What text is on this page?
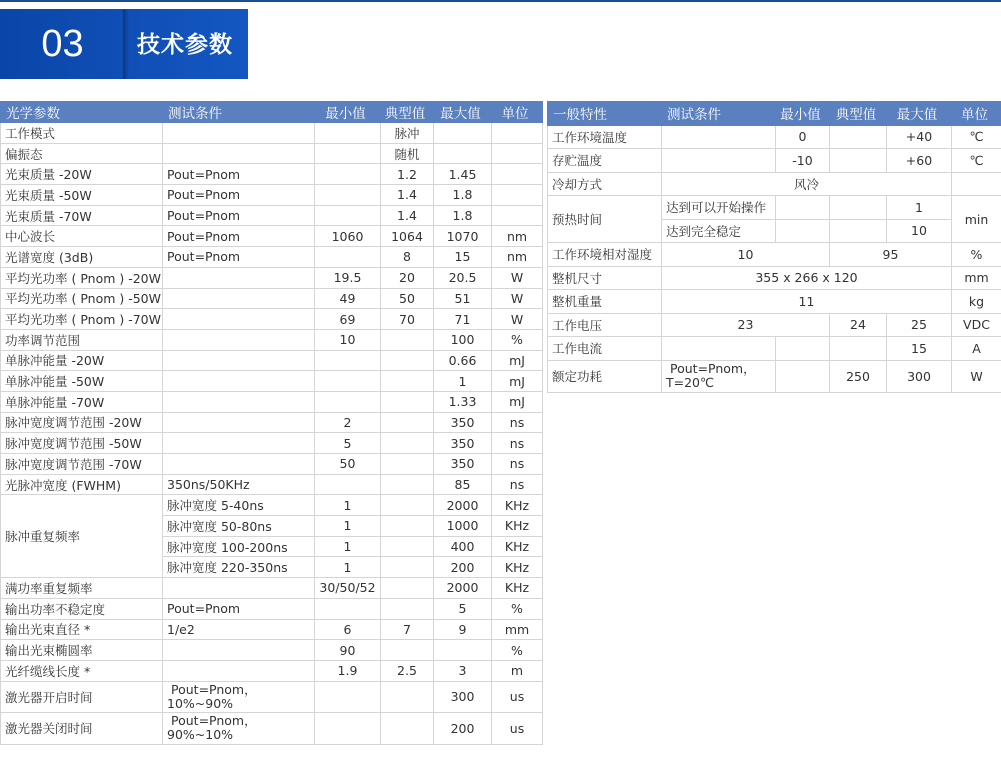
03	技术参数
光学参数	测试条件	最小值	典型值	最大值	单位
工作模式			脉冲		
偏振态			随机		
光束质量 -20W	Pout=Pnom		1.2	1.45	
光束质量 -50W	Pout=Pnom		1.4	1.8	
光束质量 -70W	Pout=Pnom		1.4	1.8	
中心波长	Pout=Pnom	1060	1064	1070	nm
光谱宽度 (3dB)	Pout=Pnom		8	15	nm
平均光功率 ( Pnom ) -20W		19.5	20	20.5	W
平均光功率 ( Pnom ) -50W		49	50	51	W
平均光功率 ( Pnom ) -70W		69	70	71	W
功率调节范围		10		100	%
单脉冲能量 -20W				0.66	mJ
单脉冲能量 -50W				1	mJ
单脉冲能量 -70W				1.33	mJ
脉冲宽度调节范围 -20W		2		350	ns
脉冲宽度调节范围 -50W		5		350	ns
脉冲宽度调节范围 -70W		50		350	ns
光脉冲宽度 (FWHM)	350ns/50KHz			85	ns
脉冲重复频率	脉冲宽度 5-40ns	1		2000	KHz
	脉冲宽度 50-80ns	1		1000	KHz
	脉冲宽度 100-200ns	1		400	KHz
	脉冲宽度 220-350ns	1		200	KHz
满功率重复频率		30/50/52		2000	KHz
输出功率不稳定度	Pout=Pnom			5	%
输出光束直径 *	1/e2	6	7	9	mm
输出光束椭圆率		90			%
光纤缆线长度 *		1.9	2.5	3	m
激光器开启时间	Pout=Pnom，
10%~90%			300	us
激光器关闭时间	Pout=Pnom，
90%~10%			200	us
一般特性	测试条件	最小值	典型值	最大值	单位
工作环境温度		0		+40	℃
存贮温度		-10		+60	℃
冷却方式	风冷				
预热时间	达到可以开始操作			1	min
	达到完全稳定			10	
工作环境相对湿度	10		95		%
整机尺寸	355 x 266 x 120				mm
整机重量	11				kg
工作电压	23		24	25	VDC
工作电流				15	A
额定功耗	Pout=Pnom，
T=20℃		250	300	W
